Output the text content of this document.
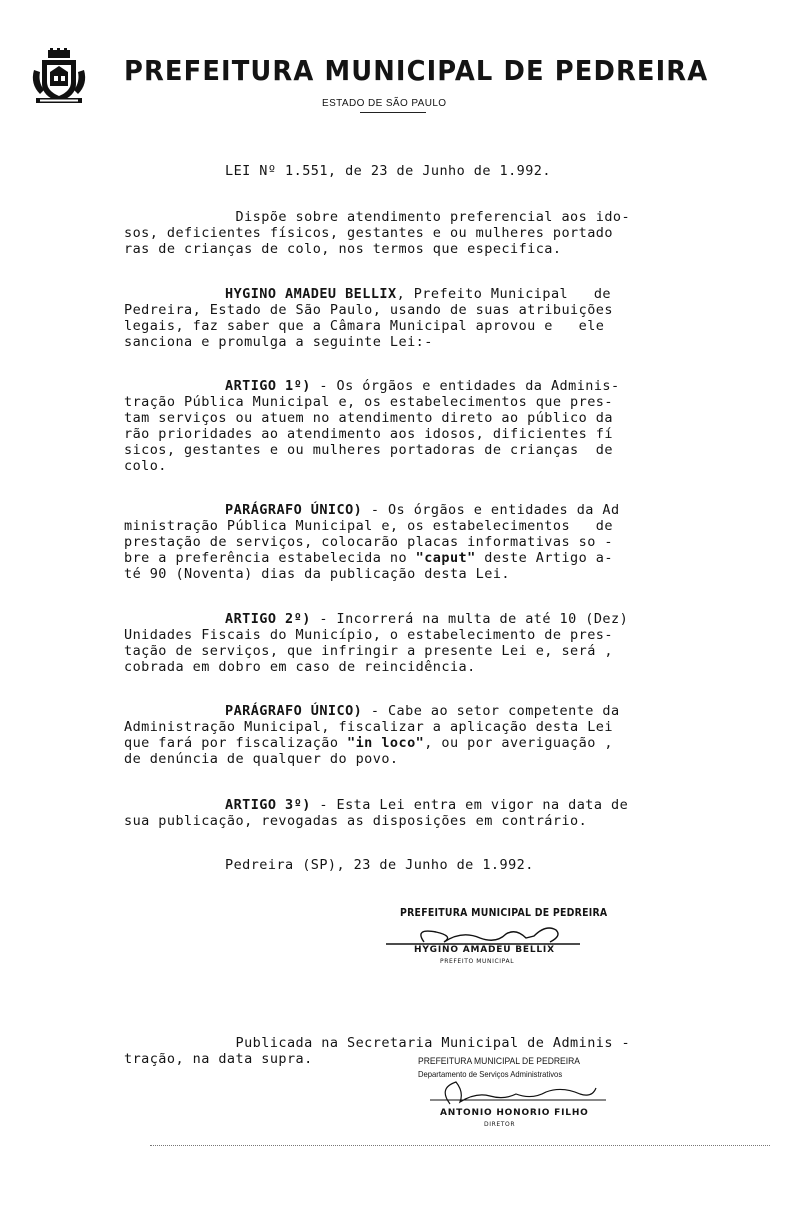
PREFEITURA MUNICIPAL DE PEDREIRA
ESTADO DE SÃO PAULO
LEI Nº 1.551, de 23 de Junho de 1.992.
Dispõe sobre atendimento preferencial aos ido-
sos, deficientes físicos, gestantes e ou mulheres portado
ras de crianças de colo, nos termos que especifica.
HYGINO AMADEU BELLIX, Prefeito Municipal   de
Pedreira, Estado de São Paulo, usando de suas atribuições
legais, faz saber que a Câmara Municipal aprovou e   ele
sanciona e promulga a seguinte Lei:-
ARTIGO 1º) - Os órgãos e entidades da Adminis-
tração Pública Municipal e, os estabelecimentos que pres-
tam serviços ou atuem no atendimento direto ao público da
rão prioridades ao atendimento aos idosos, dificientes fí
sicos, gestantes e ou mulheres portadoras de crianças  de
colo.
PARÁGRAFO ÚNICO) - Os órgãos e entidades da Ad
ministração Pública Municipal e, os estabelecimentos   de
prestação de serviços, colocarão placas informativas so -
bre a preferência estabelecida no "caput" deste Artigo a-
té 90 (Noventa) dias da publicação desta Lei.
ARTIGO 2º) - Incorrerá na multa de até 10 (Dez)
Unidades Fiscais do Município, o estabelecimento de pres-
tação de serviços, que infringir a presente Lei e, será ,
cobrada em dobro em caso de reincidência.
PARÁGRAFO ÚNICO) - Cabe ao setor competente da
Administração Municipal, fiscalizar a aplicação desta Lei
que fará por fiscalização "in loco", ou por averiguação ,
de denúncia de qualquer do povo.
ARTIGO 3º) - Esta Lei entra em vigor na data de
sua publicação, revogadas as disposições em contrário.
Pedreira (SP), 23 de Junho de 1.992.
PREFEITURA MUNICIPAL DE PEDREIRA
HYGINO AMADEU BELLIX
PREFEITO MUNICIPAL
Publicada na Secretaria Municipal de Adminis -
tração, na data supra.	PREFEITURA MUNICIPAL DE PEDREIRA
Departamento de Serviços Administrativos
ANTONIO HONORIO FILHO
DIRETOR
